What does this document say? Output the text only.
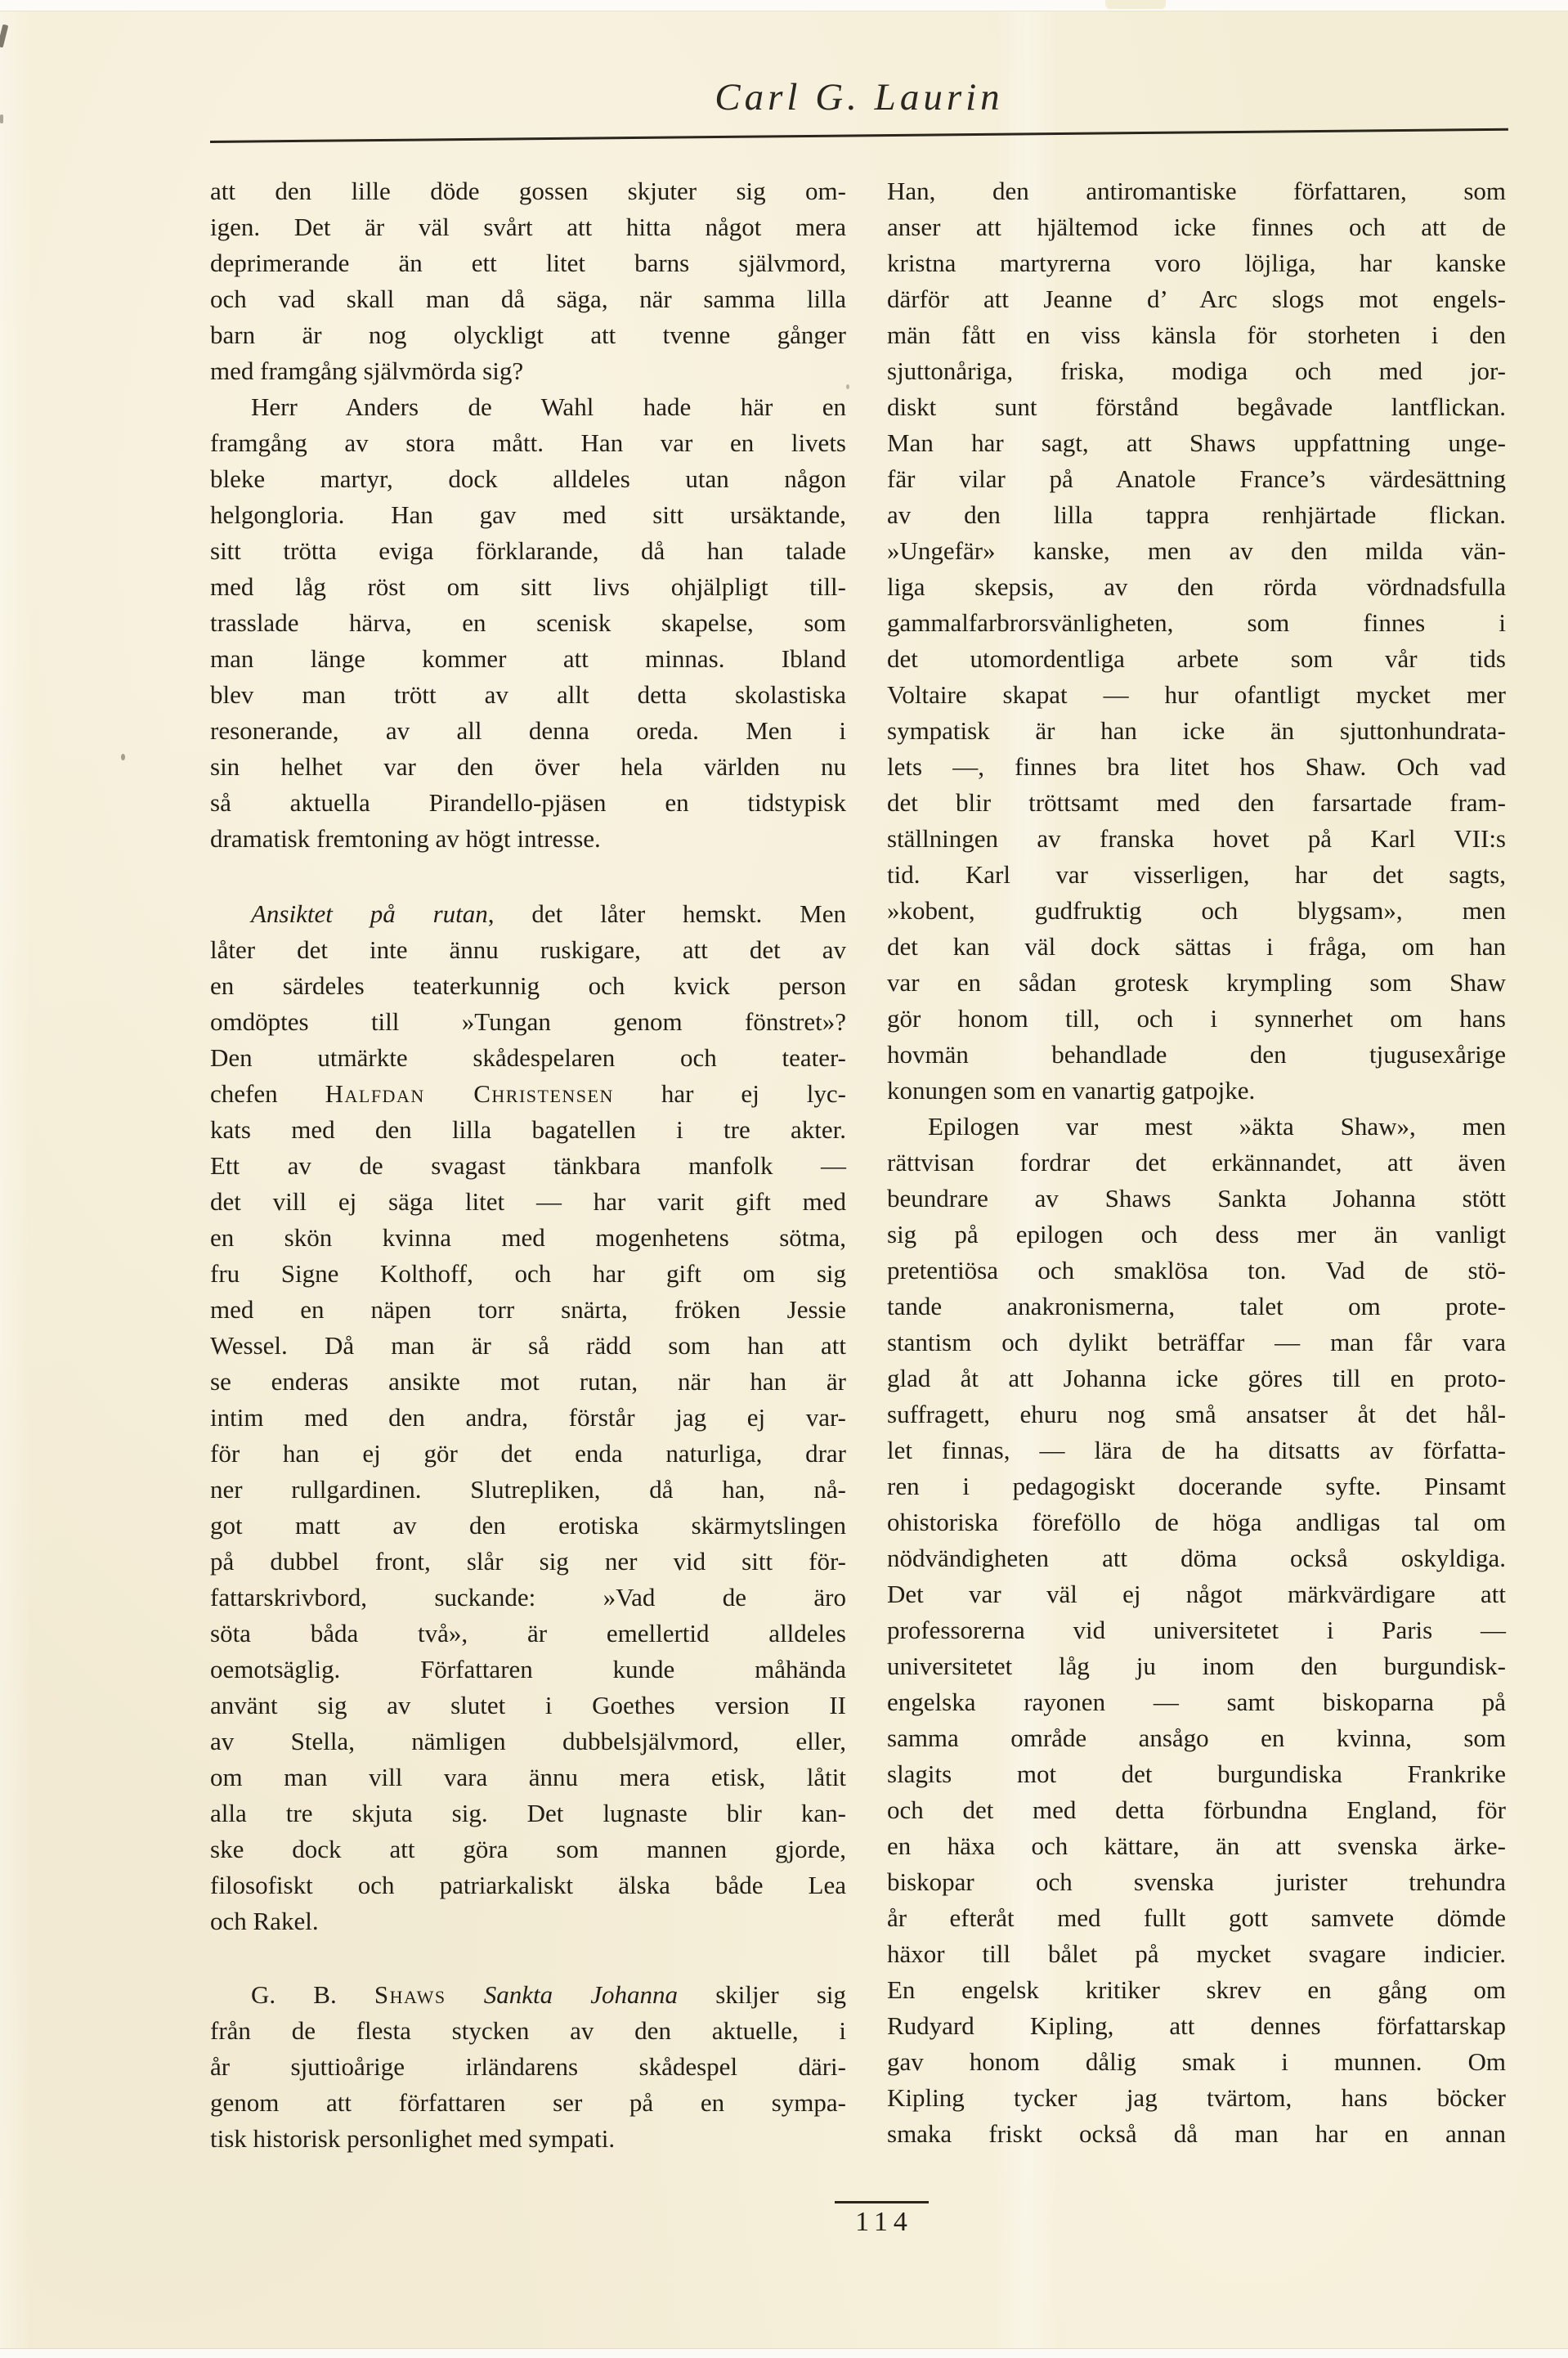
Carl G. Laurin
att den lille döde gossen skjuter sig om-
igen. Det är väl svårt att hitta något mera
deprimerande än ett litet barns självmord,
och vad skall man då säga, när samma lilla
barn är nog olyckligt att tvenne gånger
med framgång självmörda sig?
Herr Anders de Wahl hade här en
framgång av stora mått. Han var en livets
bleke martyr, dock alldeles utan någon
helgongloria. Han gav med sitt ursäktande,
sitt trötta eviga förklarande, då han talade
med låg röst om sitt livs ohjälpligt till-
trasslade härva, en scenisk skapelse, som
man länge kommer att minnas. Ibland
blev man trött av allt detta skolastiska
resonerande, av all denna oreda. Men i
sin helhet var den över hela världen nu
så aktuella Pirandello-pjäsen en tidstypisk
dramatisk fremtoning av högt intresse.
Ansiktet på rutan, det låter hemskt. Men
låter det inte ännu ruskigare, att det av
en särdeles teaterkunnig och kvick person
omdöptes till »Tungan genom fönstret»?
Den utmärkte skådespelaren och teater-
chefen Halfdan Christensen har ej lyc-
kats med den lilla bagatellen i tre akter.
Ett av de svagast tänkbara manfolk —
det vill ej säga litet — har varit gift med
en skön kvinna med mogenhetens sötma,
fru Signe Kolthoff, och har gift om sig
med en näpen torr snärta, fröken Jessie
Wessel. Då man är så rädd som han att
se enderas ansikte mot rutan, när han är
intim med den andra, förstår jag ej var-
för han ej gör det enda naturliga, drar
ner rullgardinen. Slutrepliken, då han, nå-
got matt av den erotiska skärmytslingen
på dubbel front, slår sig ner vid sitt för-
fattarskrivbord, suckande: »Vad de äro
söta båda två», är emellertid alldeles
oemotsäglig. Författaren kunde måhända
använt sig av slutet i Goethes version II
av Stella, nämligen dubbelsjälvmord, eller,
om man vill vara ännu mera etisk, låtit
alla tre skjuta sig. Det lugnaste blir kan-
ske dock att göra som mannen gjorde,
filosofiskt och patriarkaliskt älska både Lea
och Rakel.
G. B. Shaws Sankta Johanna skiljer sig
från de flesta stycken av den aktuelle, i
år sjuttioårige irländarens skådespel däri-
genom att författaren ser på en sympa-
tisk historisk personlighet med sympati.
Han, den antiromantiske författaren, som
anser att hjältemod icke finnes och att de
kristna martyrerna voro löjliga, har kanske
därför att Jeanne d’ Arc slogs mot engels-
män fått en viss känsla för storheten i den
sjuttonåriga, friska, modiga och med jor-
diskt sunt förstånd begåvade lantflickan.
Man har sagt, att Shaws uppfattning unge-
fär vilar på Anatole France’s värdesättning
av den lilla tappra renhjärtade flickan.
»Ungefär» kanske, men av den milda vän-
liga skepsis, av den rörda vördnadsfulla
gammalfarbrorsvänligheten, som finnes i
det utomordentliga arbete som vår tids
Voltaire skapat — hur ofantligt mycket mer
sympatisk är han icke än sjuttonhundrata-
lets —, finnes bra litet hos Shaw. Och vad
det blir tröttsamt med den farsartade fram-
ställningen av franska hovet på Karl VII:s
tid. Karl var visserligen, har det sagts,
»kobent, gudfruktig och blygsam», men
det kan väl dock sättas i fråga, om han
var en sådan grotesk krympling som Shaw
gör honom till, och i synnerhet om hans
hovmän behandlade den tjugusexårige
konungen som en vanartig gatpojke.
Epilogen var mest »äkta Shaw», men
rättvisan fordrar det erkännandet, att även
beundrare av Shaws Sankta Johanna stött
sig på epilogen och dess mer än vanligt
pretentiösa och smaklösa ton. Vad de stö-
tande anakronismerna, talet om prote-
stantism och dylikt beträffar — man får vara
glad åt att Johanna icke göres till en proto-
suffragett, ehuru nog små ansatser åt det hål-
let finnas, — lära de ha ditsatts av författa-
ren i pedagogiskt docerande syfte. Pinsamt
ohistoriska föreföllo de höga andligas tal om
nödvändigheten att döma också oskyldiga.
Det var väl ej något märkvärdigare att
professorerna vid universitetet i Paris —
universitetet låg ju inom den burgundisk-
engelska rayonen — samt biskoparna på
samma område ansågo en kvinna, som
slagits mot det burgundiska Frankrike
och det med detta förbundna England, för
en häxa och kättare, än att svenska ärke-
biskopar och svenska jurister trehundra
år efteråt med fullt gott samvete dömde
häxor till bålet på mycket svagare indicier.
En engelsk kritiker skrev en gång om
Rudyard Kipling, att dennes författarskap
gav honom dålig smak i munnen. Om
Kipling tycker jag tvärtom, hans böcker
smaka friskt också då man har en annan
114
